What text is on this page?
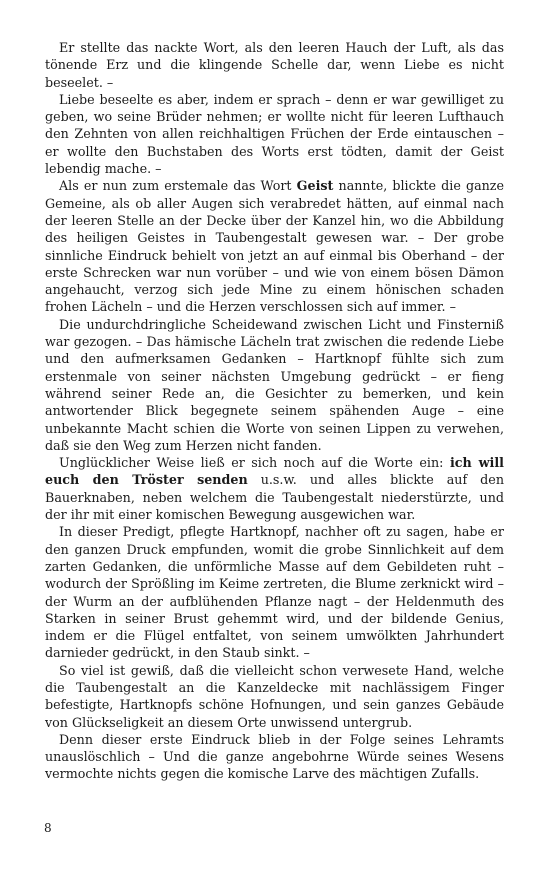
Er stellte das nackte Wort, als den leeren Hauch der Luft, als das tönende Erz und die klingende Schelle dar, wenn Liebe es nicht beseelet. –

Liebe beseelte es aber, indem er sprach – denn er war gewilliget zu geben, wo seine Brüder nehmen; er wollte nicht für leeren Lufthauch den Zehnten von allen reichhaltigen Früchen der Erde eintauschen – er wollte den Buchstaben des Worts erst tödten, damit der Geist lebendig mache. –

Als er nun zum erstemale das Wort Geist nannte, blickte die ganze Gemeine, als ob aller Augen sich verabredet hätten, auf einmal nach der leeren Stelle an der Decke über der Kanzel hin, wo die Abbildung des heiligen Geistes in Taubengestalt gewesen war. – Der grobe sinnliche Eindruck behielt von jetzt an auf einmal bis Oberhand – der erste Schrecken war nun vorüber – und wie von einem bösen Dämon angehaucht, verzog sich jede Mine zu einem hönischen schaden frohen Lächeln – und die Herzen verschlossen sich auf immer. –

Die undurchdringliche Scheidewand zwischen Licht und Finsterniß war gezogen. – Das hämische Lächeln trat zwischen die redende Liebe und den aufmerksamen Gedanken – Hartknopf fühlte sich zum erstenmale von seiner nächsten Umgebung gedrückt – er fieng während seiner Rede an, die Gesichter zu bemerken, und kein antwortender Blick begegnete seinem spähenden Auge – eine unbekannte Macht schien die Worte von seinen Lippen zu verwehen, daß sie den Weg zum Herzen nicht fanden.

Unglücklicher Weise ließ er sich noch auf die Worte ein: ich will euch den Tröster senden u.s.w. und alles blickte auf den Bauerknaben, neben welchem die Taubengestalt niederstürzte, und der ihr mit einer komischen Bewegung ausgewichen war.

In dieser Predigt, pflegte Hartknopf, nachher oft zu sagen, habe er den ganzen Druck empfunden, womit die grobe Sinnlichkeit auf dem zarten Gedanken, die unförmliche Masse auf dem Gebildeten ruht – wodurch der Sprößling im Keime zertreten, die Blume zerknickt wird – der Wurm an der aufblühenden Pflanze nagt – der Heldenmuth des Starken in seiner Brust gehemmt wird, und der bildende Genius, indem er die Flügel entfaltet, von seinem umwölkten Jahrhundert darnieder gedrückt, in den Staub sinkt. –

So viel ist gewiß, daß die vielleicht schon verwesete Hand, welche die Taubengestalt an die Kanzeldecke mit nachlässigem Finger befestigte, Hartknopfs schöne Hofnungen, und sein ganzes Gebäude von Glückseligkeit an diesem Orte unwissend untergrub.

Denn dieser erste Eindruck blieb in der Folge seines Lehramts unauslöschlich – Und die ganze angebohrne Würde seines Wesens vermochte nichts gegen die komische Larve des mächtigen Zufalls.

8
